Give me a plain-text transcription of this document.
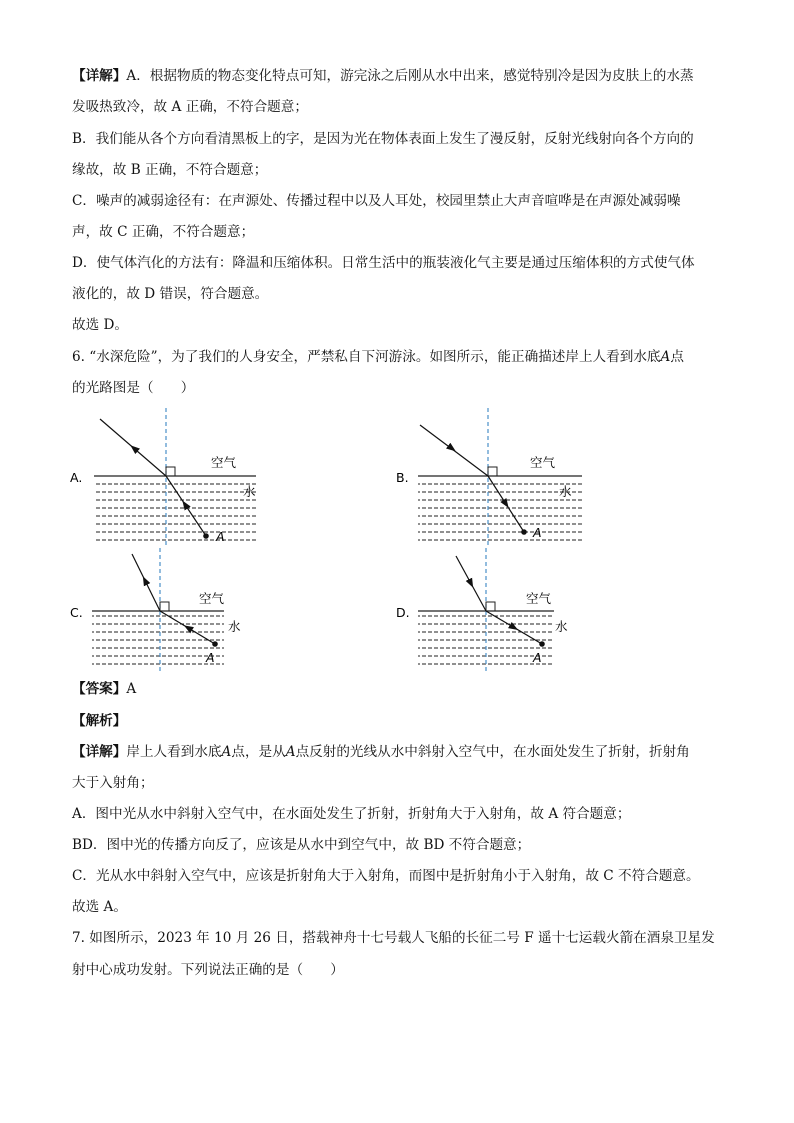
【详解】A．根据物质的物态变化特点可知，游完泳之后刚从水中出来，感觉特别冷是因为皮肤上的水蒸
发吸热致冷，故 A 正确，不符合题意；
B．我们能从各个方向看清黑板上的字，是因为光在物体表面上发生了漫反射，反射光线射向各个方向的
缘故，故 B 正确，不符合题意；
C．噪声的减弱途径有：在声源处、传播过程中以及人耳处，校园里禁止大声音喧哗是在声源处减弱噪
声，故 C 正确，不符合题意；
D．使气体汽化的方法有：降温和压缩体积。日常生活中的瓶装液化气主要是通过压缩体积的方式使气体
液化的，故 D 错误，符合题意。
故选 D。
6. “水深危险”，为了我们的人身安全，严禁私自下河游泳。如图所示，能正确描述岸上人看到水底A点
的光路图是（　　）
A.
空气
水
A
B.
空气
水
A
C.
空气
水
A
D.
空气
水
A
【答案】A
【解析】
【详解】岸上人看到水底A点，是从A点反射的光线从水中斜射入空气中，在水面处发生了折射，折射角
大于入射角；
A．图中光从水中斜射入空气中，在水面处发生了折射，折射角大于入射角，故 A 符合题意；
BD．图中光的传播方向反了，应该是从水中到空气中，故 BD 不符合题意；
C．光从水中斜射入空气中，应该是折射角大于入射角，而图中是折射角小于入射角，故 C 不符合题意。
故选 A。
7. 如图所示，2023 年 10 月 26 日，搭载神舟十七号载人飞船的长征二号 F 遥十七运载火箭在酒泉卫星发
射中心成功发射。下列说法正确的是（　　）
